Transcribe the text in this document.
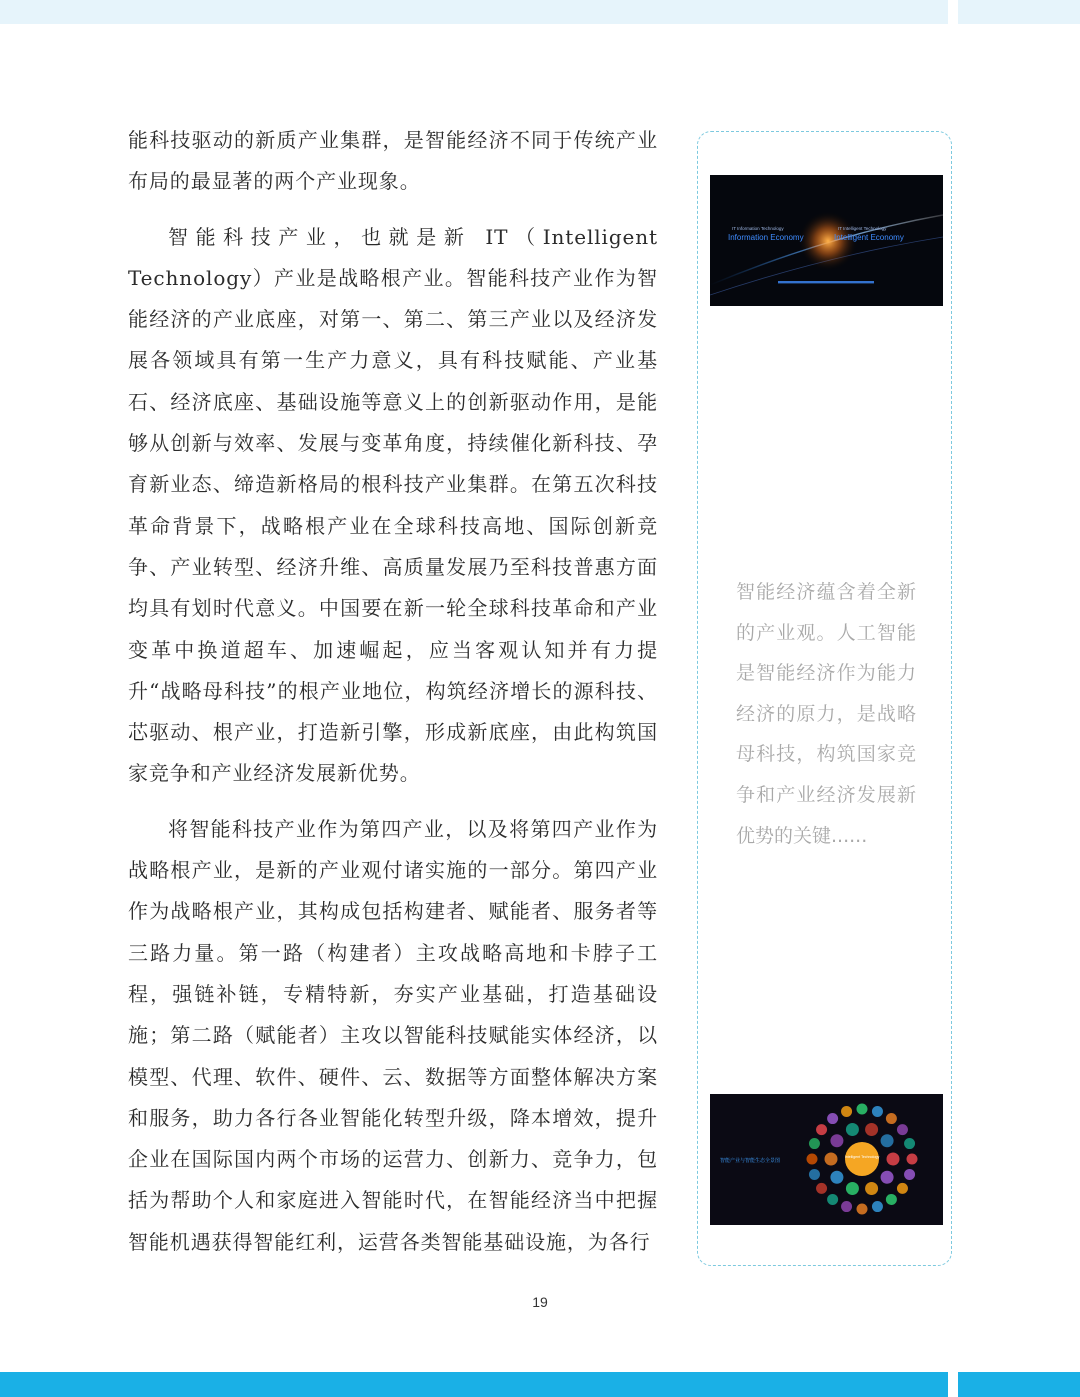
能科技驱动的新质产业集群，是智能经济不同于传统产业布局的最显著的两个产业现象。

智能科技产业，也就是新 IT（Intelligent Technology）产业是战略根产业。智能科技产业作为智能经济的产业底座，对第一、第二、第三产业以及经济发展各领域具有第一生产力意义，具有科技赋能、产业基石、经济底座、基础设施等意义上的创新驱动作用，是能够从创新与效率、发展与变革角度，持续催化新科技、孕育新业态、缔造新格局的根科技产业集群。在第五次科技革命背景下，战略根产业在全球科技高地、国际创新竞争、产业转型、经济升维、高质量发展乃至科技普惠方面均具有划时代意义。中国要在新一轮全球科技革命和产业变革中换道超车、加速崛起，应当客观认知并有力提升“战略母科技”的根产业地位，构筑经济增长的源科技、芯驱动、根产业，打造新引擎，形成新底座，由此构筑国家竞争和产业经济发展新优势。

将智能科技产业作为第四产业，以及将第四产业作为战略根产业，是新的产业观付诸实施的一部分。第四产业作为战略根产业，其构成包括构建者、赋能者、服务者等三路力量。第一路（构建者）主攻战略高地和卡脖子工程，强链补链，专精特新，夯实产业基础，打造基础设施；第二路（赋能者）主攻以智能科技赋能实体经济，以模型、代理、软件、硬件、云、数据等方面整体解决方案和服务，助力各行各业智能化转型升级，降本增效，提升企业在国际国内两个市场的运营力、创新力、竞争力，包括为帮助个人和家庭进入智能时代，在智能经济当中把握智能机遇获得智能红利，运营各类智能基础设施，为各行

IT Information Technology
Information Economy
IT Intelligent Technology
Intelligent Economy

智能经济蕴含着全新的产业观。人工智能是智能经济作为能力经济的原力，是战略母科技，构筑国家竞争和产业经济发展新优势的关键......

智能产业与智能生态全景图
Intelligent Technology
19
